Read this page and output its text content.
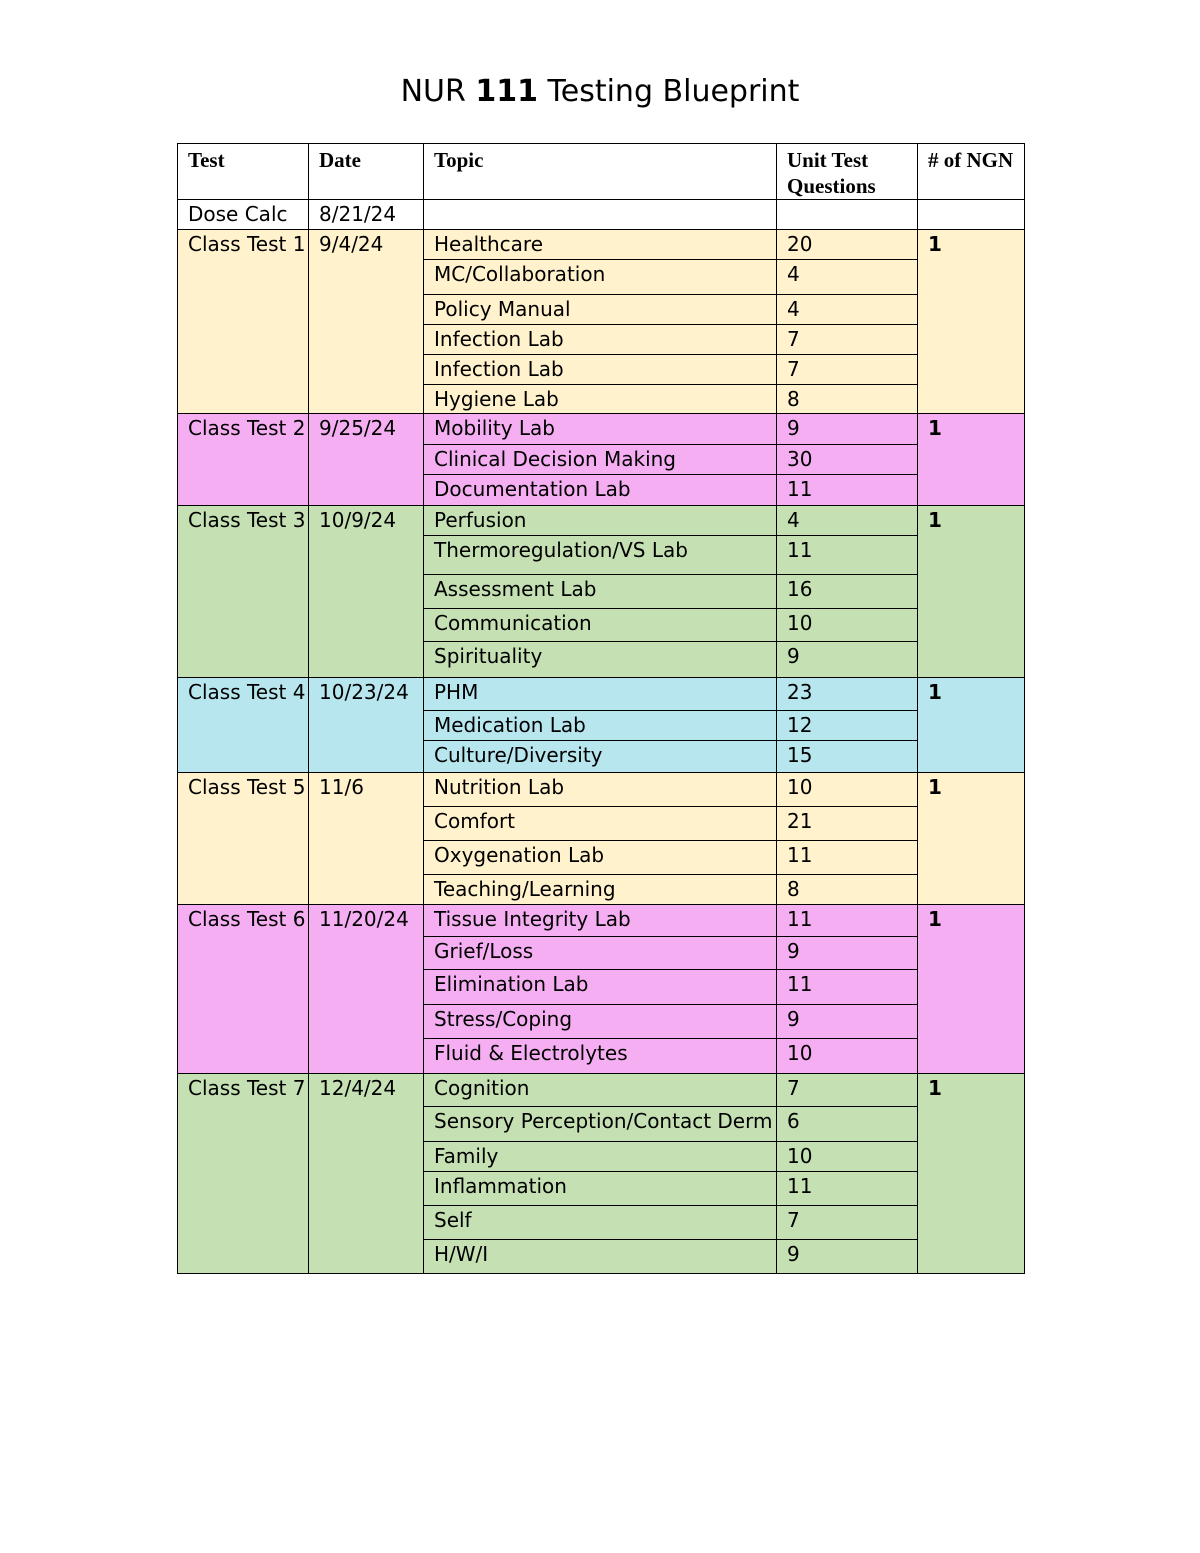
NUR 111 Testing Blueprint
Test	Date	Topic	Unit Test Questions	# of NGN
Dose Calc	8/21/24			
Class Test 1	9/4/24	Healthcare	20	1
		MC/Collaboration	4	
		Policy Manual	4	
		Infection Lab	7	
		Infection Lab	7	
		Hygiene Lab	8	
Class Test 2	9/25/24	Mobility Lab	9	1
		Clinical Decision Making	30	
		Documentation Lab	11	
Class Test 3	10/9/24	Perfusion	4	1
		Thermoregulation/VS Lab	11	
		Assessment Lab	16	
		Communication	10	
		Spirituality	9	
Class Test 4	10/23/24	PHM	23	1
		Medication Lab	12	
		Culture/Diversity	15	
Class Test 5	11/6	Nutrition Lab	10	1
		Comfort	21	
		Oxygenation Lab	11	
		Teaching/Learning	8	
Class Test 6	11/20/24	Tissue Integrity Lab	11	1
		Grief/Loss	9	
		Elimination Lab	11	
		Stress/Coping	9	
		Fluid & Electrolytes	10	
Class Test 7	12/4/24	Cognition	7	1
		Sensory Perception/Contact Derm	6	
		Family	10	
		Inflammation	11	
		Self	7	
		H/W/I	9	
